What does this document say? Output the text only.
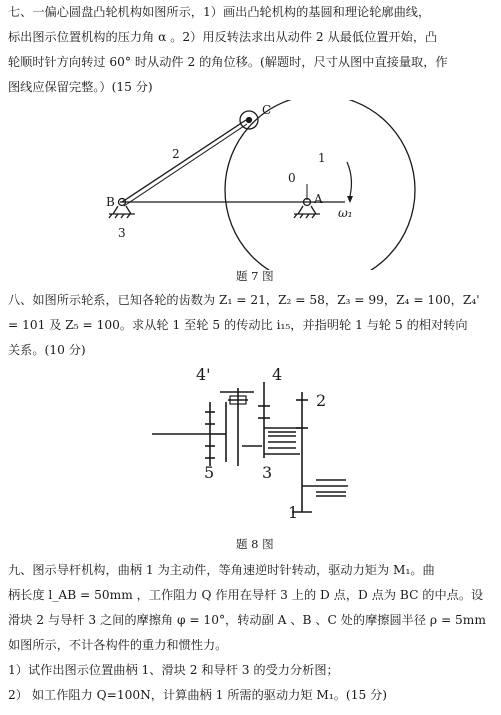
七、一偏心圆盘凸轮机构如图所示，1）画出凸轮机构的基圆和理论轮廓曲线，
标出图示位置机构的压力角 α 。2）用反转法求出从动件 2 从最低位置开始，凸
轮顺时针方向转过 60° 时从动件 2 的角位移。(解题时，尺寸从图中直接量取，作
图线应保留完整。）(15 分)
C
2	1
0
B	A
3
ω₁
题 7 图
八、如图所示轮系，已知各轮的齿数为 Z₁ = 21，Z₂ = 58，Z₃ = 99，Z₄ = 100，Z₄'
= 101 及 Z₅ = 100。求从轮 1 至轮 5 的传动比 i₁₅，并指明轮 1 与轮 5 的相对转向
关系。(10 分)
4'	4
2
5	3
1
题 8 图
九、图示导杆机构，曲柄 1 为主动件，等角速逆时针转动，驱动力矩为 M₁。曲
柄长度 l_AB = 50mm ，工作阻力 Q 作用在导杆 3 上的 D 点，D 点为 BC 的中点。设
滑块 2 与导杆 3 之间的摩擦角 φ = 10°，转动副 A 、B 、C 处的摩擦圆半径 ρ = 5mm
如图所示，不计各构件的重力和惯性力。
1）试作出图示位置曲柄 1、滑块 2 和导杆 3 的受力分析图；
2） 如工作阻力 Q=100N，计算曲柄 1 所需的驱动力矩 M₁。(15 分)
